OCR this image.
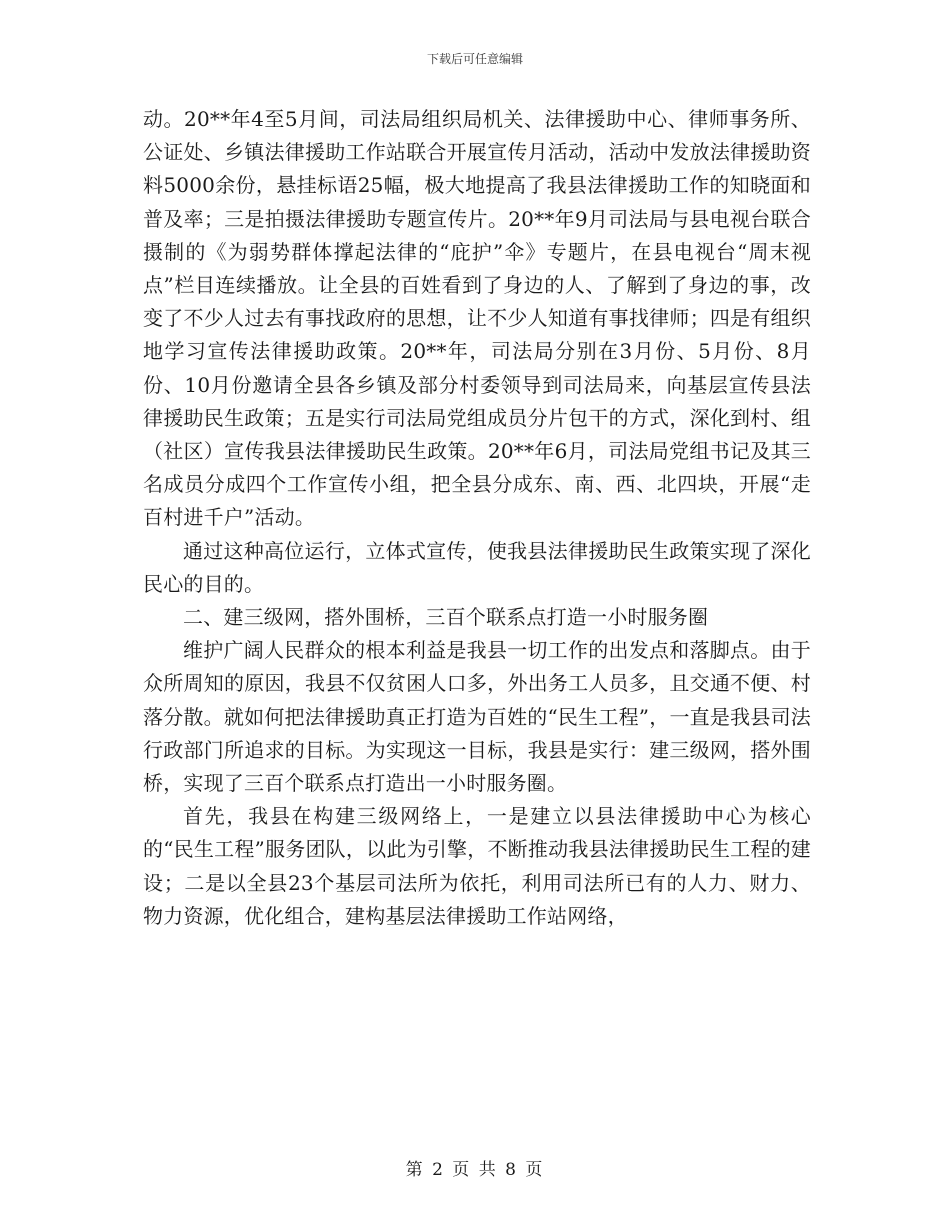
下载后可任意编辑

动。20**年4至5月间，司法局组织局机关、法律援助中心、律师事务所、公证处、乡镇法律援助工作站联合开展宣传月活动，活动中发放法律援助资料5000余份，悬挂标语25幅，极大地提高了我县法律援助工作的知晓面和普及率；三是拍摄法律援助专题宣传片。20**年9月司法局与县电视台联合摄制的《为弱势群体撑起法律的“庇护”伞》专题片，在县电视台“周末视点”栏目连续播放。让全县的百姓看到了身边的人、了解到了身边的事，改变了不少人过去有事找政府的思想，让不少人知道有事找律师；四是有组织地学习宣传法律援助政策。20**年，司法局分别在3月份、5月份、8月份、10月份邀请全县各乡镇及部分村委领导到司法局来，向基层宣传县法律援助民生政策；五是实行司法局党组成员分片包干的方式，深化到村、组（社区）宣传我县法律援助民生政策。20**年6月，司法局党组书记及其三名成员分成四个工作宣传小组，把全县分成东、南、西、北四块，开展“走百村进千户”活动。

通过这种高位运行，立体式宣传，使我县法律援助民生政策实现了深化民心的目的。

二、建三级网，搭外围桥，三百个联系点打造一小时服务圈

维护广阔人民群众的根本利益是我县一切工作的出发点和落脚点。由于众所周知的原因，我县不仅贫困人口多，外出务工人员多，且交通不便、村落分散。就如何把法律援助真正打造为百姓的“民生工程”，一直是我县司法行政部门所追求的目标。为实现这一目标，我县是实行：建三级网，搭外围桥，实现了三百个联系点打造出一小时服务圈。

首先，我县在构建三级网络上，一是建立以县法律援助中心为核心的“民生工程”服务团队，以此为引擎，不断推动我县法律援助民生工程的建设；二是以全县23个基层司法所为依托，利用司法所已有的人力、财力、物力资源，优化组合，建构基层法律援助工作站网络，

第 2 页 共 8 页
